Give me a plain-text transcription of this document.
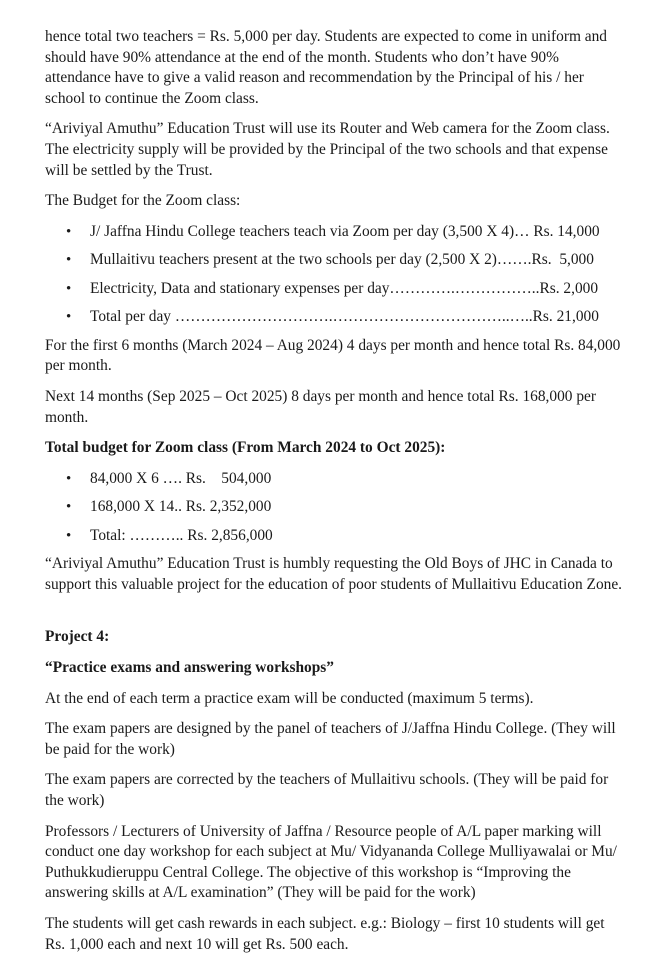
hence total two teachers = Rs. 5,000 per day. Students are expected to come in uniform and should have 90% attendance at the end of the month. Students who don’t have 90% attendance have to give a valid reason and recommendation by the Principal of his / her school to continue the Zoom class.

“Ariviyal Amuthu” Education Trust will use its Router and Web camera for the Zoom class. The electricity supply will be provided by the Principal of the two schools and that expense will be settled by the Trust.

The Budget for the Zoom class:

• J/ Jaffna Hindu College teachers teach via Zoom per day (3,500 X 4)… Rs. 14,000
• Mullaitivu teachers present at the two schools per day (2,500 X 2)…….Rs.  5,000
• Electricity, Data and stationary expenses per day………….……………..Rs. 2,000
• Total per day ………………………….……………………………..…..Rs. 21,000

For the first 6 months (March 2024 – Aug 2024) 4 days per month and hence total Rs. 84,000 per month.

Next 14 months (Sep 2025 – Oct 2025) 8 days per month and hence total Rs. 168,000 per month.

Total budget for Zoom class (From March 2024 to Oct 2025):

• 84,000 X 6 …. Rs.    504,000
• 168,000 X 14.. Rs. 2,352,000
• Total: ……….. Rs. 2,856,000

“Ariviyal Amuthu” Education Trust is humbly requesting the Old Boys of JHC in Canada to support this valuable project for the education of poor students of Mullaitivu Education Zone.

Project 4:

“Practice exams and answering workshops”

At the end of each term a practice exam will be conducted (maximum 5 terms).

The exam papers are designed by the panel of teachers of J/Jaffna Hindu College. (They will be paid for the work)

The exam papers are corrected by the teachers of Mullaitivu schools. (They will be paid for the work)

Professors / Lecturers of University of Jaffna / Resource people of A/L paper marking will conduct one day workshop for each subject at Mu/ Vidyananda College Mulliyawalai or Mu/ Puthukkudieruppu Central College. The objective of this workshop is “Improving the answering skills at A/L examination” (They will be paid for the work)

The students will get cash rewards in each subject. e.g.: Biology – first 10 students will get Rs. 1,000 each and next 10 will get Rs. 500 each.
